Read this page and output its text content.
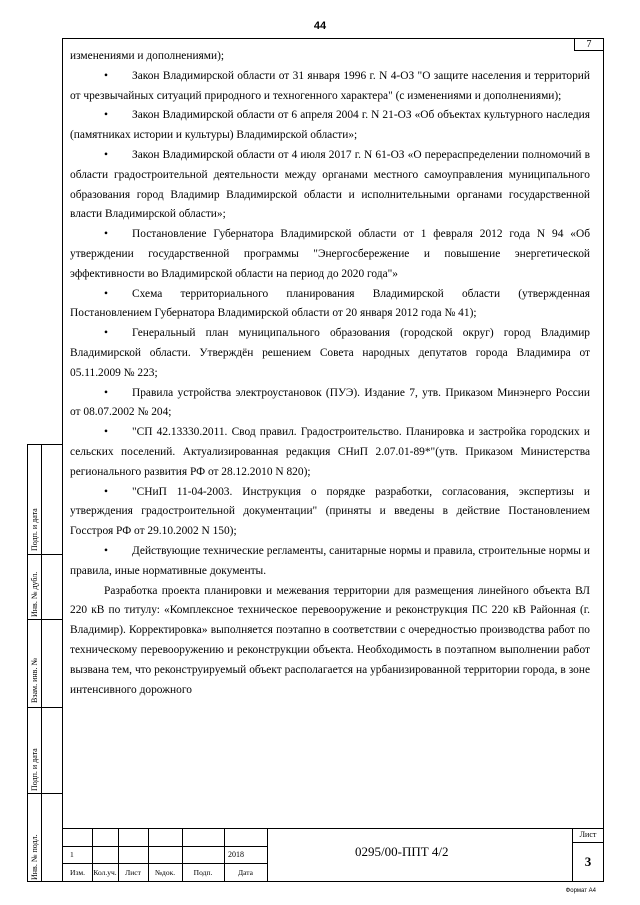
44
7

изменениями и дополнениями);

• Закон Владимирской области от 31 января 1996 г. N 4-ОЗ "О защите населения и территорий от чрезвычайных ситуаций природного и техногенного характера" (с изменениями и дополнениями);

• Закон Владимирской области от 6 апреля 2004 г. N 21-ОЗ «Об объектах культурного наследия (памятниках истории и культуры) Владимирской области»;

• Закон Владимирской области от 4 июля 2017 г. N 61-ОЗ «О перераспределении полномочий в области градостроительной деятельности между органами местного самоуправления муниципального образования город Владимир Владимирской области и исполнительными органами государственной власти Владимирской области»;

• Постановление Губернатора Владимирской области от 1 февраля 2012 года N 94 «Об утверждении государственной программы "Энергосбережение и повышение энергетической эффективности во Владимирской области на период до 2020 года"»

• Схема территориального планирования Владимирской области (утвержденная Постановлением Губернатора Владимирской области от 20 января 2012 года № 41);

• Генеральный план муниципального образования (городской округ) город Владимир Владимирской области. Утверждён решением Совета народных депутатов города Владимира от 05.11.2009 № 223;

• Правила устройства электроустановок (ПУЭ). Издание 7, утв. Приказом Минэнерго России от 08.07.2002 № 204;

• "СП 42.13330.2011. Свод правил. Градостроительство. Планировка и застройка городских и сельских поселений. Актуализированная редакция СНиП 2.07.01-89*"(утв. Приказом Министерства регионального развития РФ от 28.12.2010 N 820);

• "СНиП 11-04-2003. Инструкция о порядке разработки, согласования, экспертизы и утверждения градостроительной документации" (приняты и введены в действие Постановлением Госстроя РФ от 29.10.2002 N 150);

• Действующие технические регламенты, санитарные нормы и правила, строительные нормы и правила, иные нормативные документы.

Разработка проекта планировки и межевания территории для размещения линейного объекта ВЛ 220 кВ по титулу: «Комплексное техническое перевооружение и реконструкция ПС 220 кВ Районная (г. Владимир). Корректировка» выполняется поэтапно в соответствии с очередностью производства работ по техническому перевооружению и реконструкции объекта. Необходимость в поэтапном выполнении работ вызвана тем, что реконструируемый объект располагается на урбанизированной территории города, в зоне интенсивного дорожного

Инв. № подл.
Подп. и дата
Взам. инв. №
Инв. № дубл.
Подп. и дата
1	2018
Изм.	Кол.уч.	Лист	№док.	Подп.	Дата
0295/00-ППТ 4/2
Лист
3
Формат А4
